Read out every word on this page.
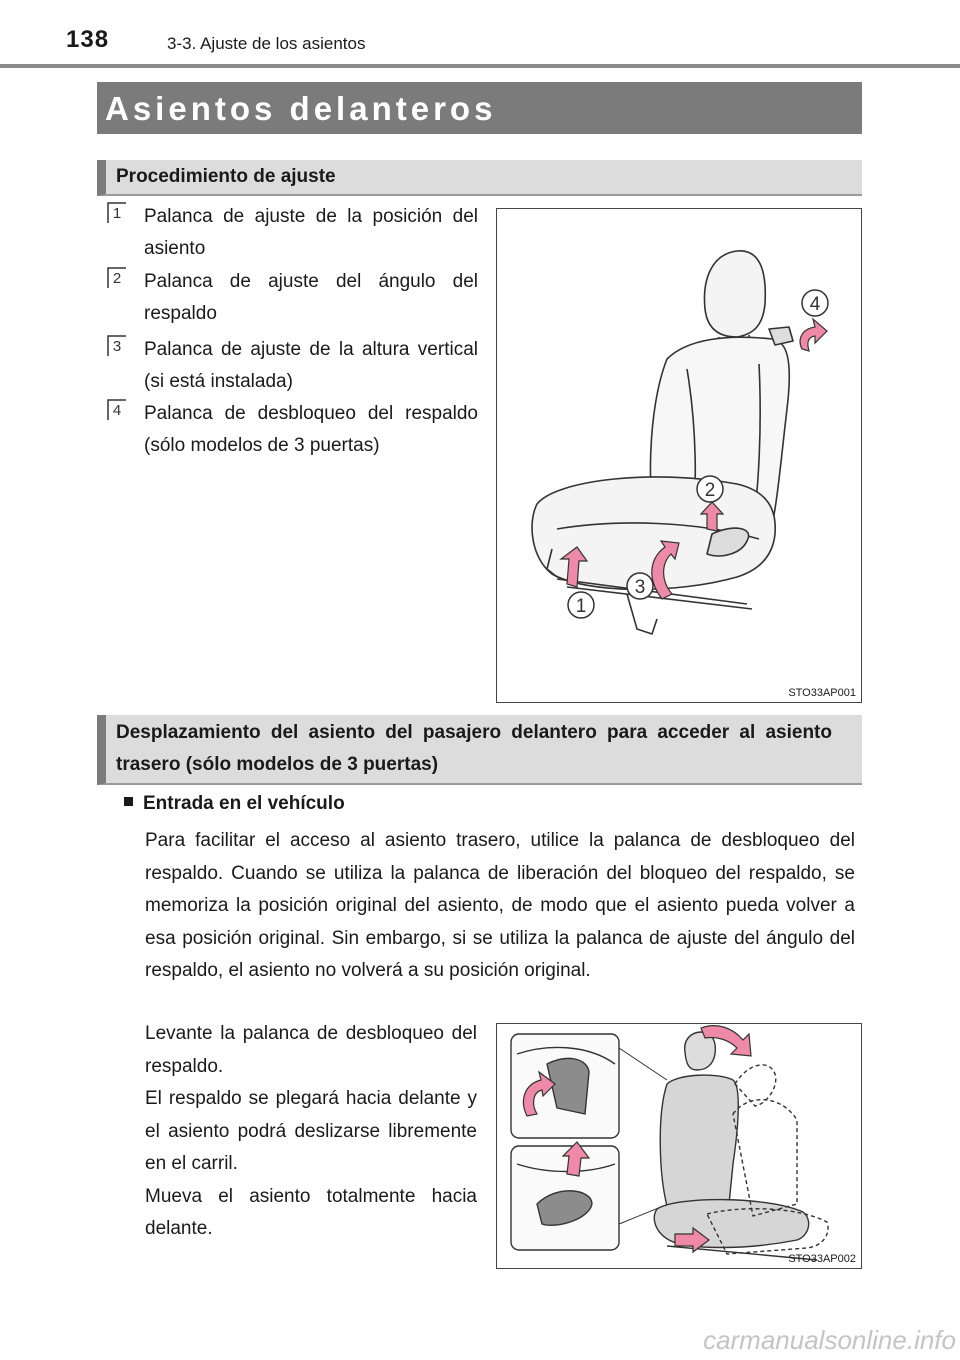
138	3-3. Ajuste de los asientos
Asientos delanteros
Procedimiento de ajuste
1	Palanca de ajuste de la posición del asiento
2	Palanca de ajuste del ángulo del respaldo
3	Palanca de ajuste de la altura vertical (si está instalada)
4	Palanca de desbloqueo del respaldo (sólo modelos de 3 puertas)
1
2
3
4
STO33AP001
Desplazamiento del asiento del pasajero delantero para acceder al asiento trasero (sólo modelos de 3 puertas)
Entrada en el vehículo
Para facilitar el acceso al asiento trasero, utilice la palanca de desbloqueo del respaldo. Cuando se utiliza la palanca de liberación del bloqueo del respaldo, se memoriza la posición original del asiento, de modo que el asiento pueda volver a esa posición original. Sin embargo, si se utiliza la palanca de ajuste del ángulo del respaldo, el asiento no volverá a su posición original.
Levante la palanca de desbloqueo del respaldo.
El respaldo se plegará hacia delante y el asiento podrá deslizarse libremente en el carril.
Mueva el asiento totalmente hacia delante.
STO33AP002
carmanualsonline.info
